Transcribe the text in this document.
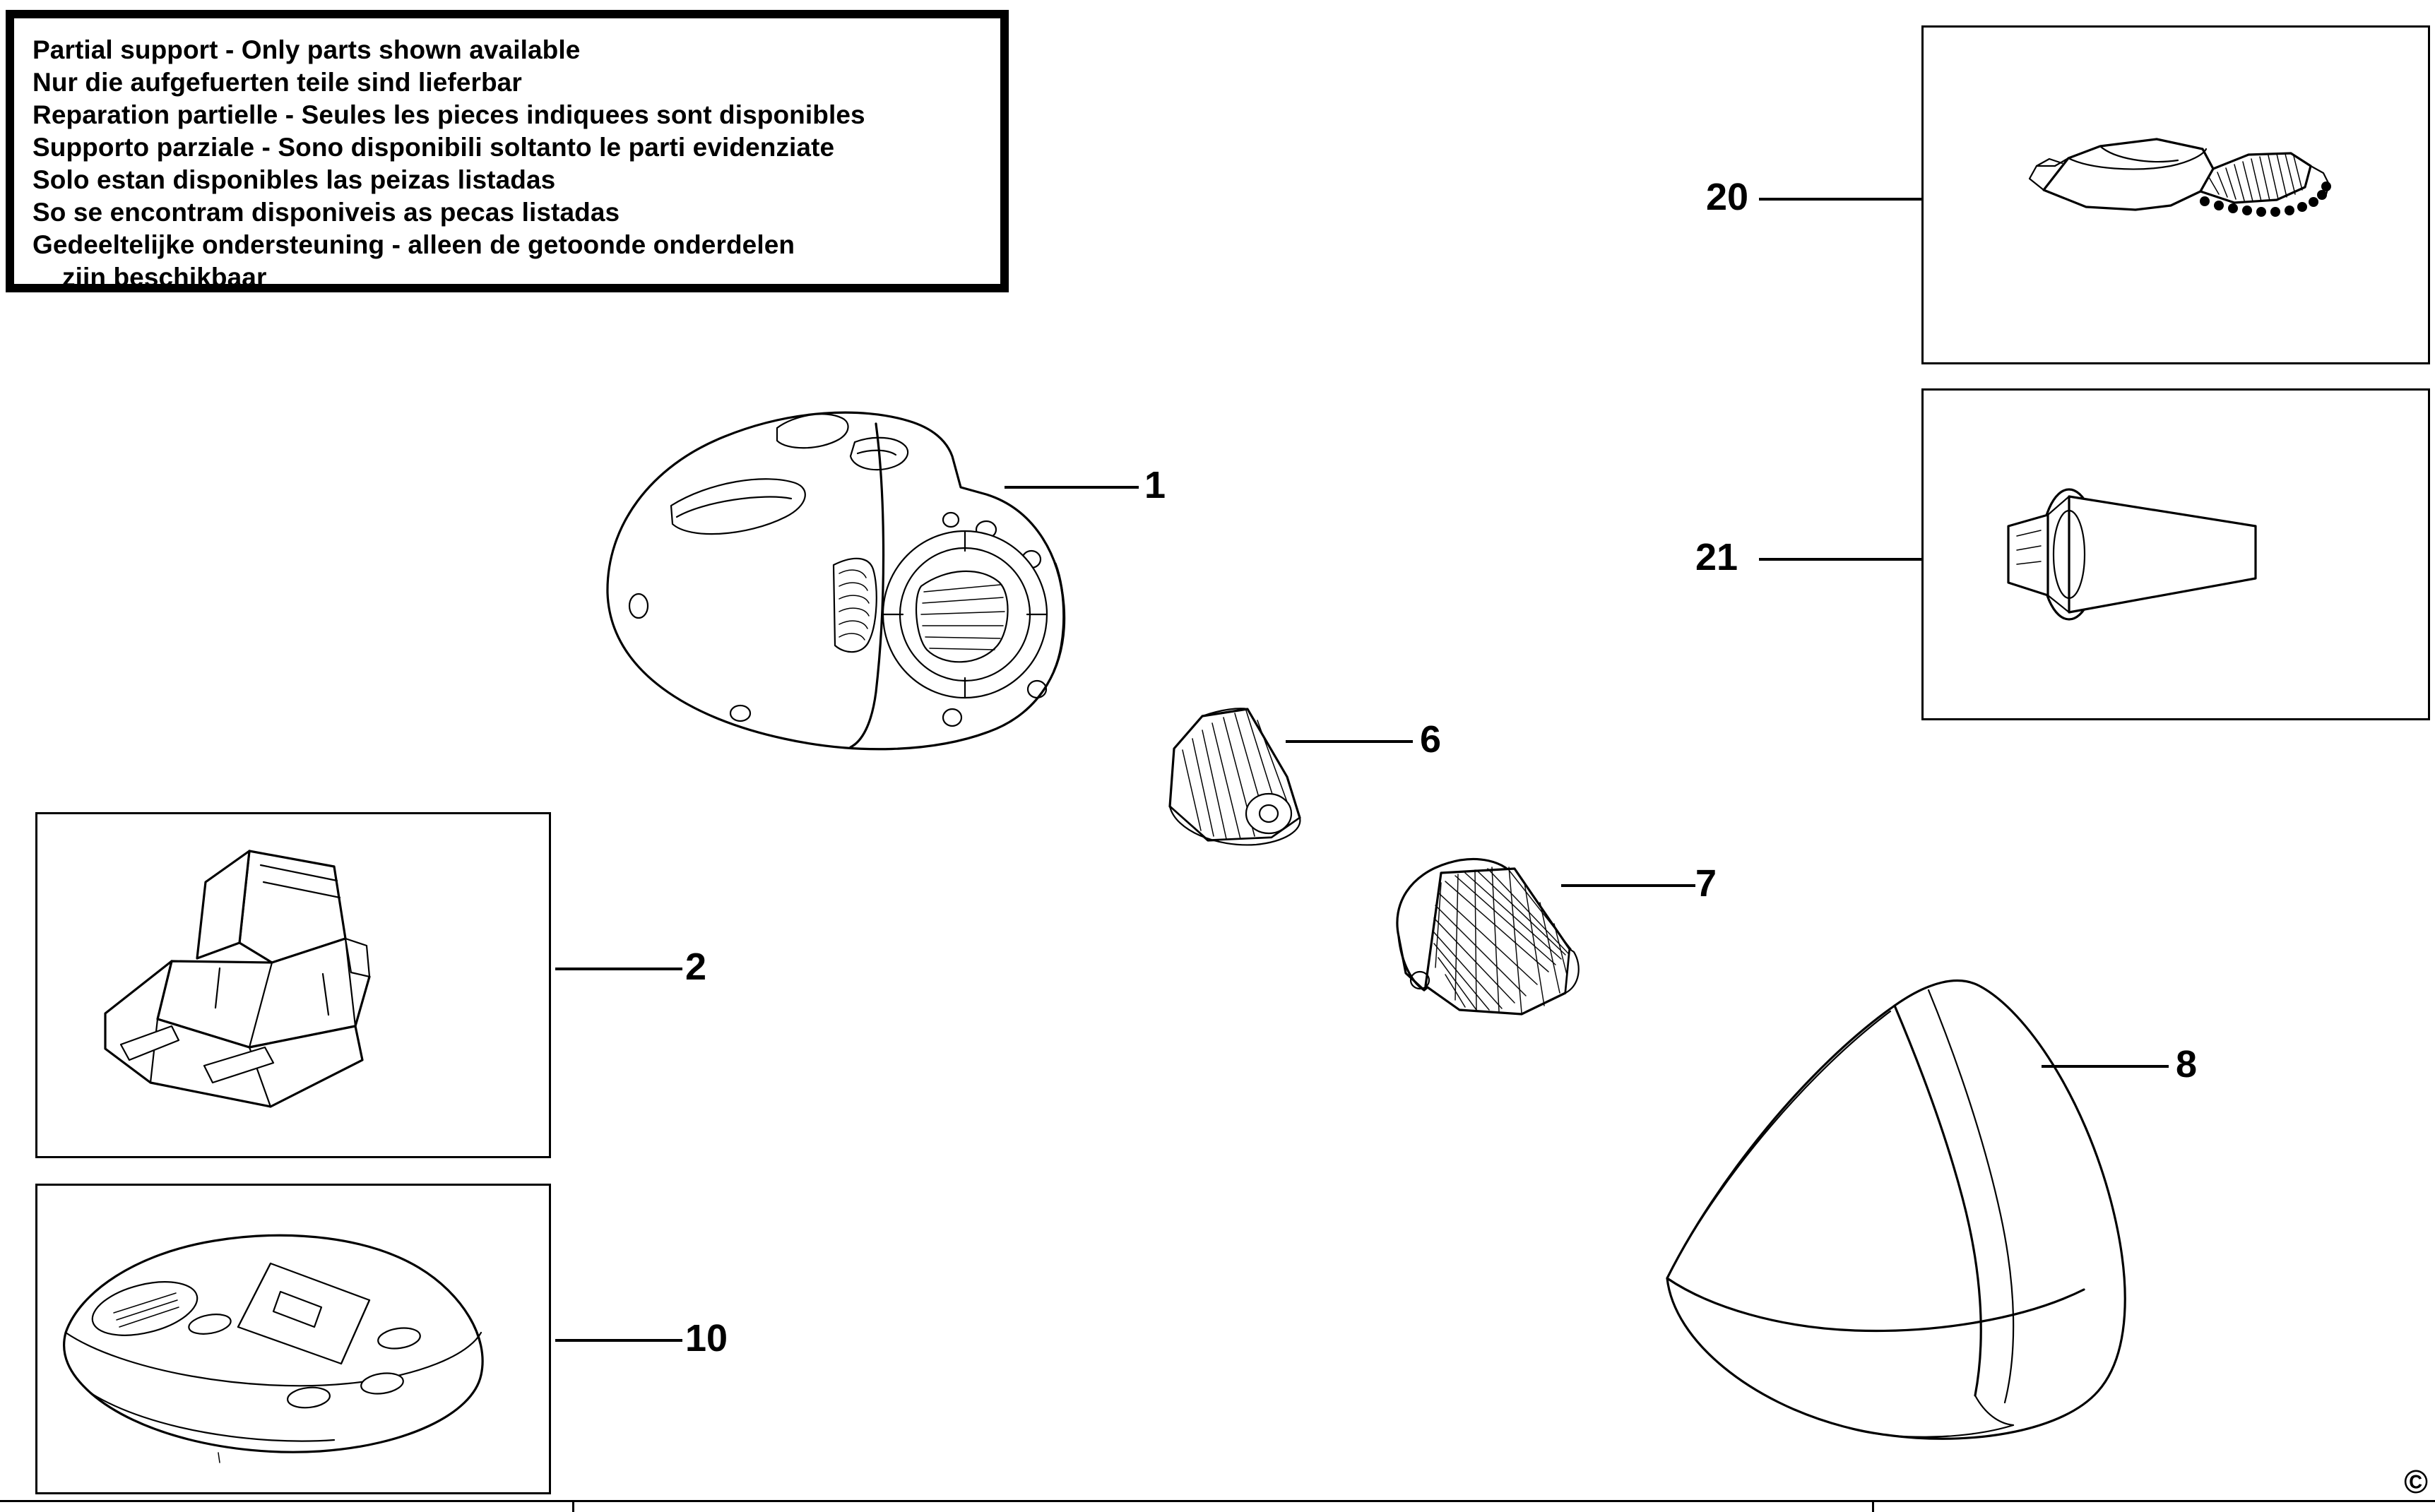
Partial support - Only parts shown available
Nur die aufgefuerten teile sind lieferbar
Reparation partielle - Seules les pieces indiquees sont disponibles
Supporto parziale - Sono disponibili soltanto le parti evidenziate
Solo estan disponibles las peizas listadas
So se encontram disponiveis as pecas listadas
Gedeeltelijke ondersteuning - alleen de getoonde onderdelen
zijn beschikbaar
20
21
1
6
7
8
2
10
©
